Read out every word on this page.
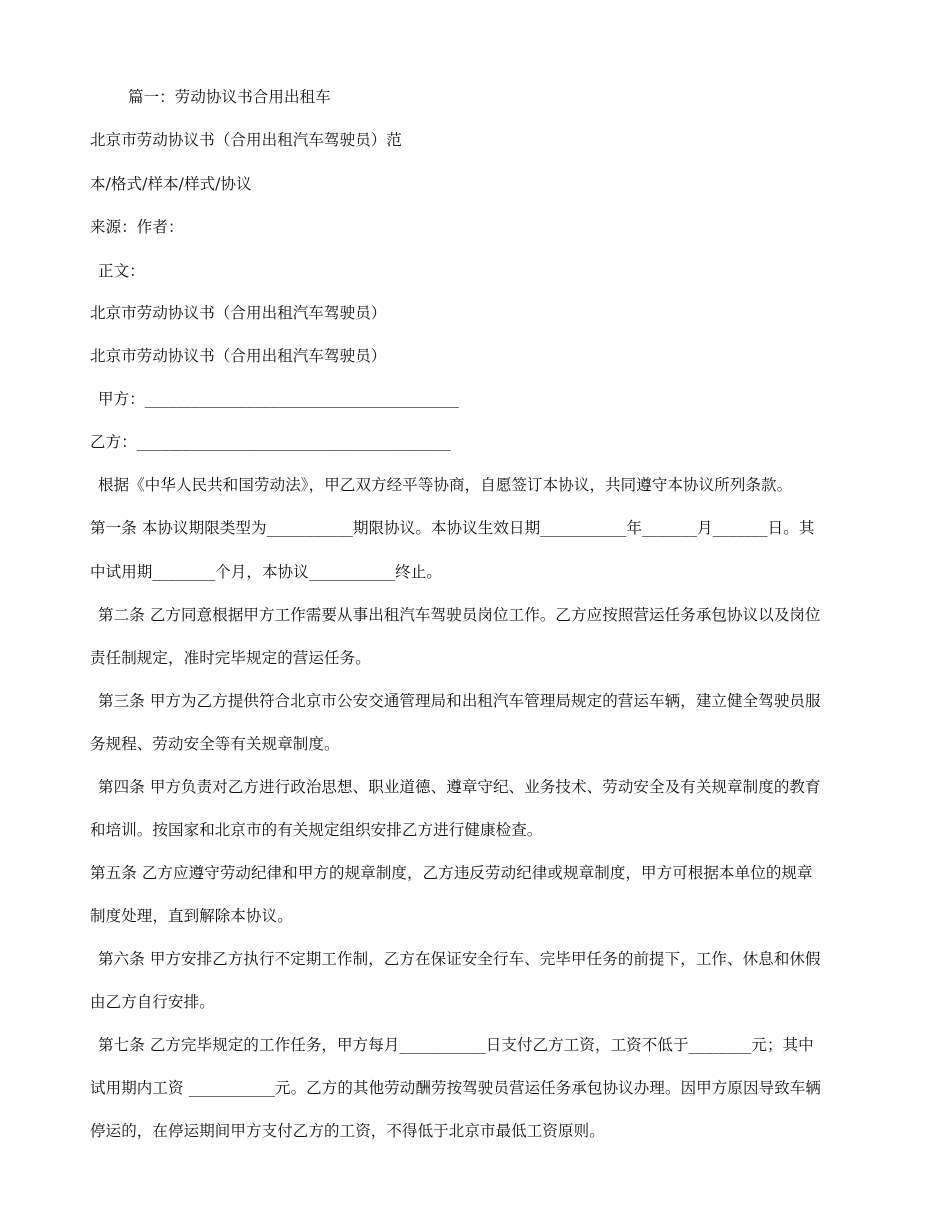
篇一：劳动协议书合用出租车
北京市劳动协议书（合用出租汽车驾驶员）范
本/格式/样本/样式/协议
来源：作者：
正文：
北京市劳动协议书（合用出租汽车驾驶员）
北京市劳动协议书（合用出租汽车驾驶员）
甲方：________________________________________
乙方：________________________________________
根据《中华人民共和国劳动法》，甲乙双方经平等协商，自愿签订本协议，共同遵守本协议所列条款。
第一条 本协议期限类型为___________期限协议。本协议生效日期___________年_______月_______日。其
中试用期________个月，本协议___________终止。
第二条 乙方同意根据甲方工作需要从事出租汽车驾驶员岗位工作。乙方应按照营运任务承包协议以及岗位
责任制规定，准时完毕规定的营运任务。
第三条 甲方为乙方提供符合北京市公安交通管理局和出租汽车管理局规定的营运车辆，建立健全驾驶员服
务规程、劳动安全等有关规章制度。
第四条 甲方负责对乙方进行政治思想、职业道德、遵章守纪、业务技术、劳动安全及有关规章制度的教育
和培训。按国家和北京市的有关规定组织安排乙方进行健康检查。
第五条 乙方应遵守劳动纪律和甲方的规章制度，乙方违反劳动纪律或规章制度，甲方可根据本单位的规章
制度处理，直到解除本协议。
第六条 甲方安排乙方执行不定期工作制，乙方在保证安全行车、完毕甲任务的前提下，工作、休息和休假
由乙方自行安排。
第七条 乙方完毕规定的工作任务，甲方每月___________日支付乙方工资，工资不低于________元；其中
试用期内工资 ___________元。乙方的其他劳动酬劳按驾驶员营运任务承包协议办理。因甲方原因导致车辆
停运的，在停运期间甲方支付乙方的工资，不得低于北京市最低工资原则。
